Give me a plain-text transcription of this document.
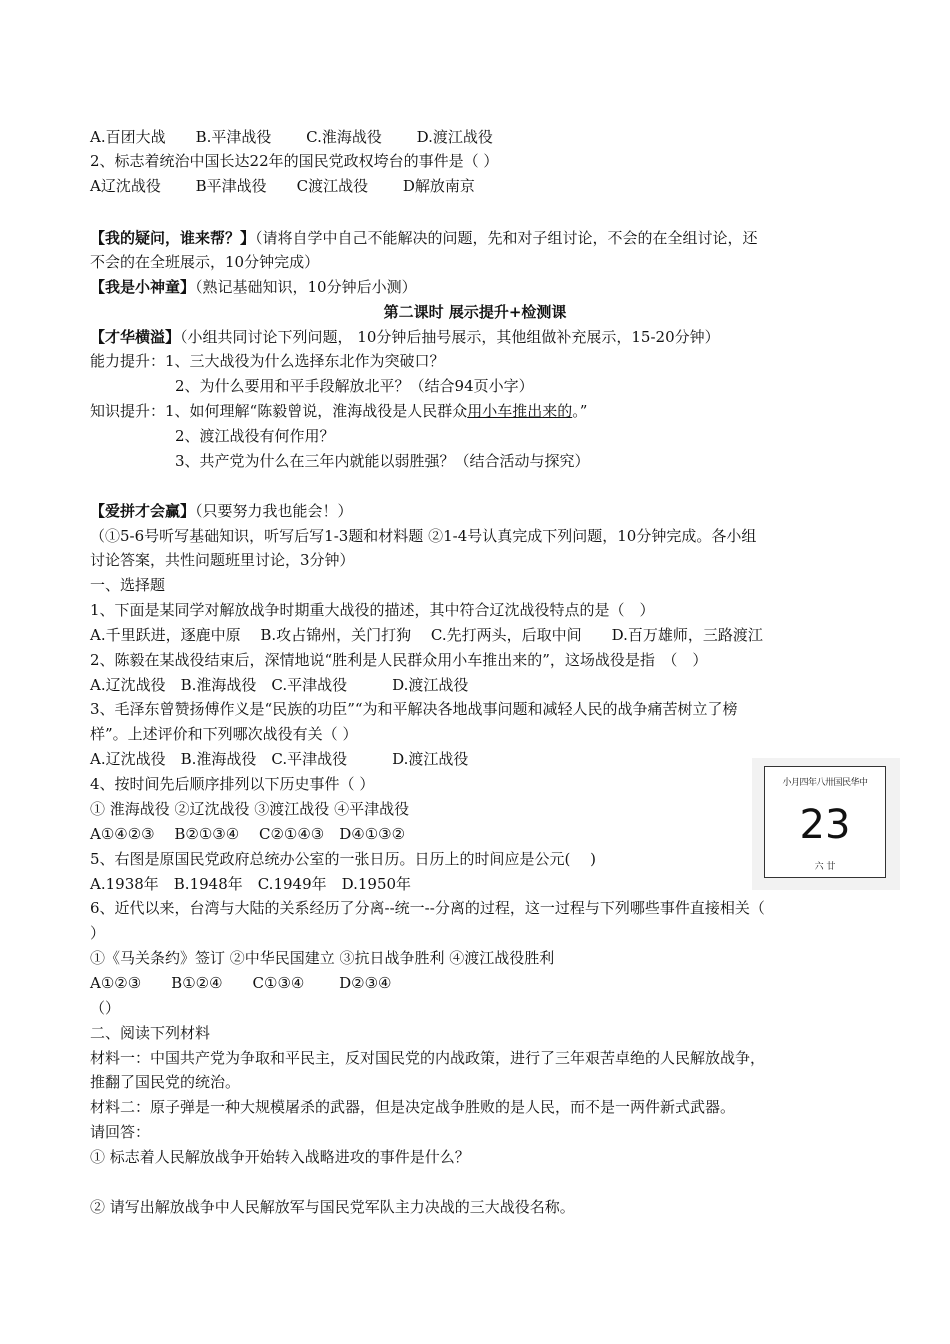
A.百团大战　　B.平津战役　　 C.淮海战役　　 D.渡江战役
2、标志着统治中国长达22年的国民党政权垮台的事件是（ ）
A辽沈战役　　 B平津战役　　C渡江战役　　 D解放南京
【我的疑问，谁来帮？】（请将自学中自己不能解决的问题，先和对子组讨论，不会的在全组讨论，还
不会的在全班展示，10分钟完成）
【我是小神童】（熟记基础知识，10分钟后小测）
第二课时 展示提升+检测课
【才华横溢】（小组共同讨论下列问题， 10分钟后抽号展示，其他组做补充展示，15-20分钟）
能力提升：1、三大战役为什么选择东北作为突破口？
2、为什么要用和平手段解放北平？（结合94页小字）
知识提升：1、如何理解“陈毅曾说，淮海战役是人民群众用小车推出来的。”
2、渡江战役有何作用？
3、共产党为什么在三年内就能以弱胜强？（结合活动与探究）
【爱拼才会赢】（只要努力我也能会！）
（①5-6号听写基础知识，听写后写1-3题和材料题 ②1-4号认真完成下列问题，10分钟完成。各小组
讨论答案，共性问题班里讨论，3分钟）
一、选择题
1、下面是某同学对解放战争时期重大战役的描述，其中符合辽沈战役特点的是（　）
A.千里跃进，逐鹿中原　 B.攻占锦州，关门打狗　 C.先打两头，后取中间　　D.百万雄师，三路渡江
2、陈毅在某战役结束后，深情地说“胜利是人民群众用小车推出来的”，这场战役是指　（　）
A.辽沈战役　B.淮海战役　C.平津战役　　　D.渡江战役
3、毛泽东曾赞扬傅作义是“民族的功臣”“为和平解决各地战事问题和减轻人民的战争痛苦树立了榜
样”。上述评价和下列哪次战役有关（ ）
A.辽沈战役　B.淮海战役　C.平津战役　　　D.渡江战役
4、按时间先后顺序排列以下历史事件（ ）
① 淮海战役 ②辽沈战役 ③渡江战役 ④平津战役
A①④②③　 B②①③④　 C②①④③　D④①③②
5、右图是原国民党政府总统办公室的一张日历。日历上的时间应是公元(　 )
A.1938年　B.1948年　C.1949年　D.1950年
6、近代以来，台湾与大陆的关系经历了分离--统一--分离的过程，这一过程与下列哪些事件直接相关（
）
①《马关条约》签订 ②中华民国建立 ③抗日战争胜利 ④渡江战役胜利
A①②③　　B①②④　　C①③④　　 D②③④
（）
二、阅读下列材料
材料一：中国共产党为争取和平民主，反对国民党的内战政策，进行了三年艰苦卓绝的人民解放战争，
推翻了国民党的统治。
材料二：原子弹是一种大规模屠杀的武器，但是决定战争胜败的是人民，而不是一两件新式武器。
请回答：
① 标志着人民解放战争开始转入战略进攻的事件是什么？
② 请写出解放战争中人民解放军与国民党军队主力决战的三大战役名称。
小月四年八卅国民华中
23
六 廿
